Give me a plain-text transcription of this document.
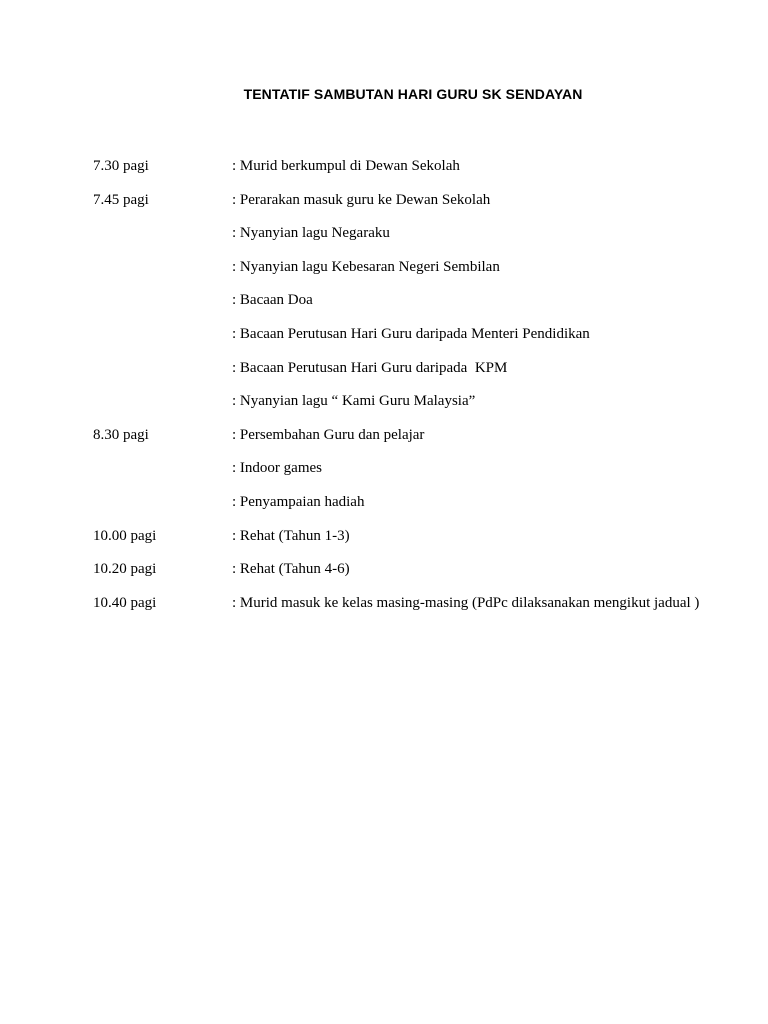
TENTATIF SAMBUTAN HARI GURU SK SENDAYAN
7.30 pagi	: Murid berkumpul di Dewan Sekolah
7.45 pagi	: Perarakan masuk guru ke Dewan Sekolah
: Nyanyian lagu Negaraku
: Nyanyian lagu Kebesaran Negeri Sembilan
: Bacaan Doa
: Bacaan Perutusan Hari Guru daripada Menteri Pendidikan
: Bacaan Perutusan Hari Guru daripada  KPM
: Nyanyian lagu “ Kami Guru Malaysia”
8.30 pagi	: Persembahan Guru dan pelajar
: Indoor games
: Penyampaian hadiah
10.00 pagi	: Rehat (Tahun 1-3)
10.20 pagi	: Rehat (Tahun 4-6)
10.40 pagi	: Murid masuk ke kelas masing-masing (PdPc dilaksanakan mengikut jadual )
